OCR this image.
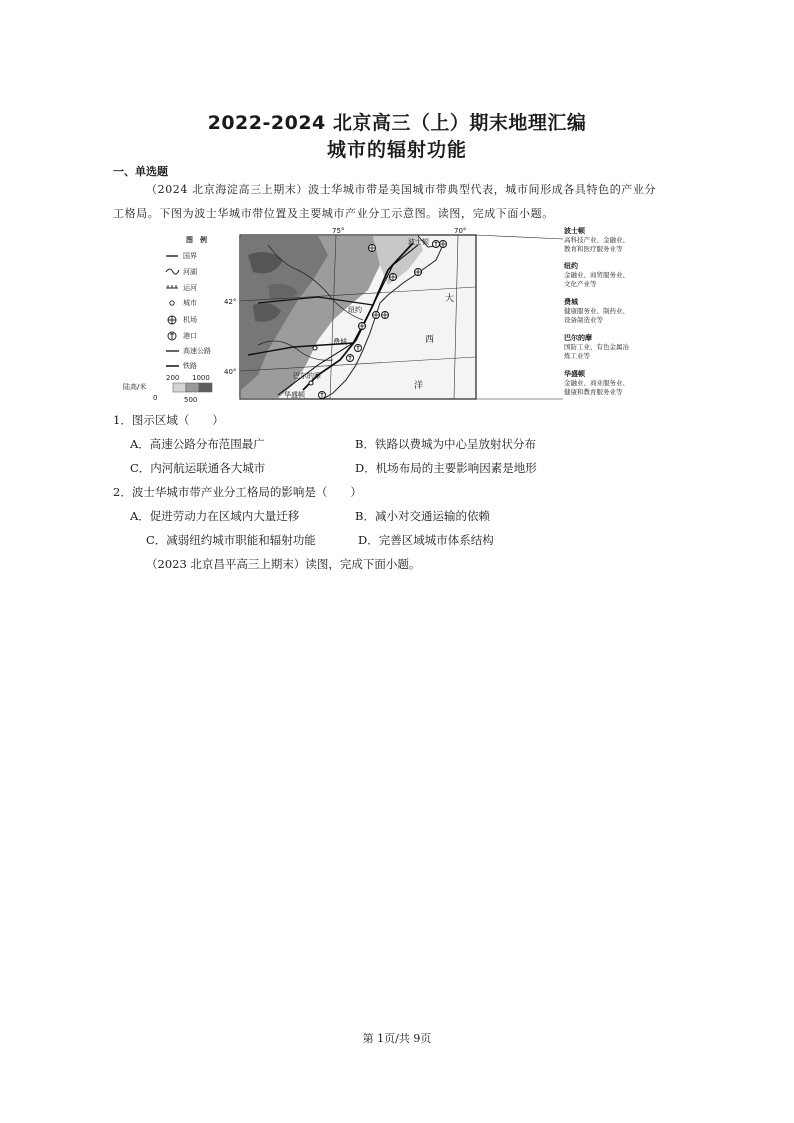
2022-2024 北京高三（上）期末地理汇编
城市的辐射功能
一、单选题
（2024 北京海淀高三上期末）波士华城市带是美国城市带典型代表，城市间形成各具特色的产业分
工格局。下图为波士华城市带位置及主要城市产业分工示意图。读图，完成下面小题。
图　例
国界
河湖
运河
城市
机场
港口
高速公路
铁路
陆高/米
200 1000
0	500
75°	70°
42°
40°
波士顿
纽约
费城
巴尔的摩
华盛顿
大
西
洋
波士顿
高科技产业、金融业、
教育和医疗服务业等
纽约
金融业、商贸服务业、
文化产业等
费城
健康服务业、制药业、
设备制造业等
巴尔的摩
国防工业、有色金属冶
炼工业等
华盛顿
金融业、商业服务业、
健康和教育服务业等
1．图示区域（　　）
A．高速公路分布范围最广	B．铁路以费城为中心呈放射状分布
C．内河航运联通各大城市	D．机场布局的主要影响因素是地形
2．波士华城市带产业分工格局的影响是（　　）
A．促进劳动力在区域内大量迁移	B．减小对交通运输的依赖
C．减弱纽约城市职能和辐射功能	D．完善区域城市体系结构
（2023 北京昌平高三上期末）读图，完成下面小题。
第 1页/共 9页
